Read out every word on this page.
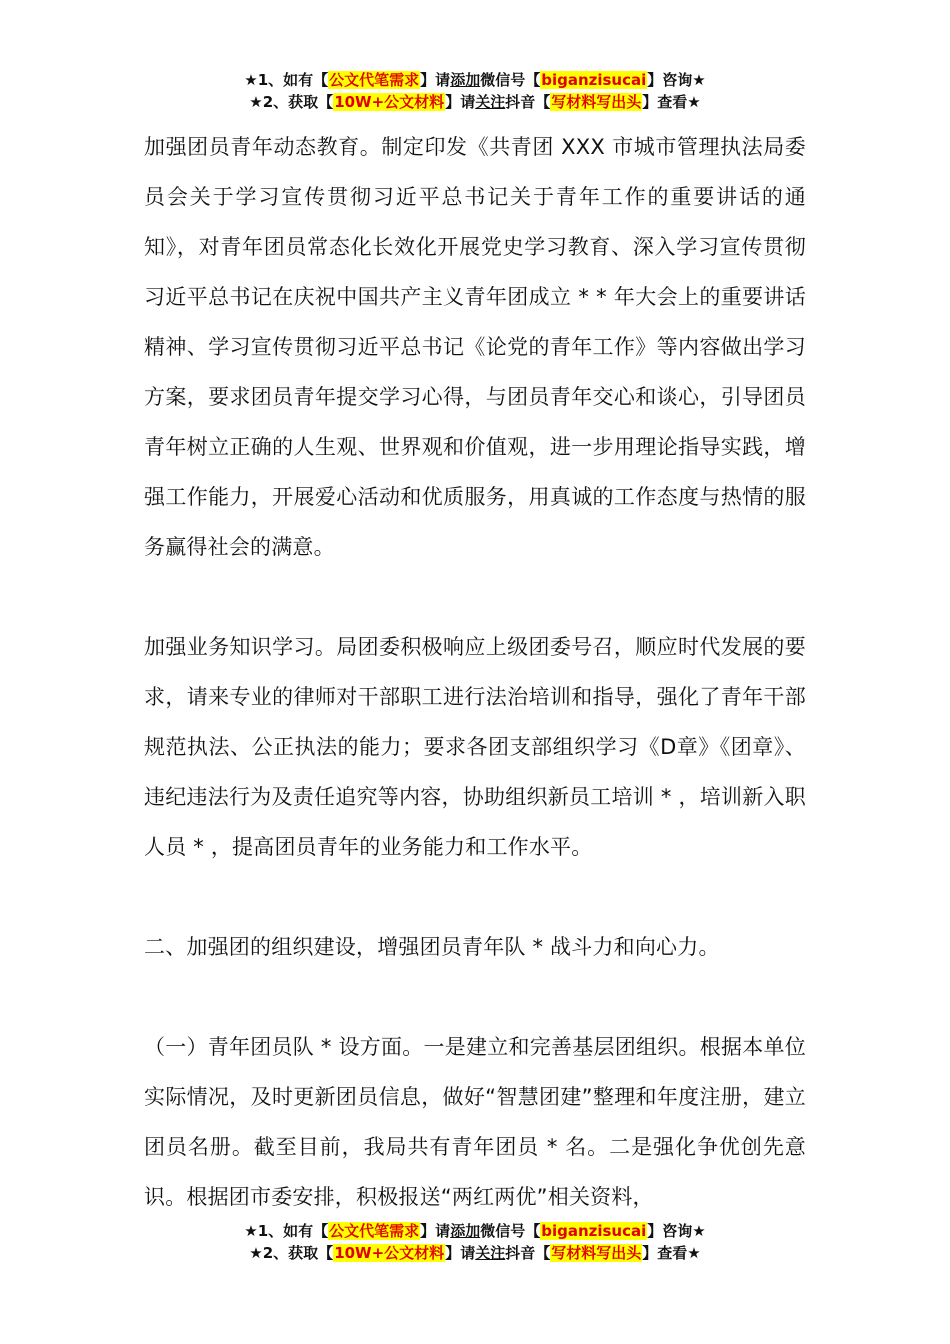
★1、如有【公文代笔需求】请添加微信号【biganzisucai】咨询★
★2、获取【10W+公文材料】请关注抖音【写材料写出头】查看★

加强团员青年动态教育。制定印发《共青团 XXX 市城市管理执法局委员会关于学习宣传贯彻习近平总书记关于青年工作的重要讲话的通知》，对青年团员常态化长效化开展党史学习教育、深入学习宣传贯彻习近平总书记在庆祝中国共产主义青年团成立 * * 年大会上的重要讲话精神、学习宣传贯彻习近平总书记《论党的青年工作》等内容做出学习方案，要求团员青年提交学习心得，与团员青年交心和谈心，引导团员青年树立正确的人生观、世界观和价值观，进一步用理论指导实践，增强工作能力，开展爱心活动和优质服务，用真诚的工作态度与热情的服务赢得社会的满意。

加强业务知识学习。局团委积极响应上级团委号召，顺应时代发展的要求，请来专业的律师对干部职工进行法治培训和指导，强化了青年干部规范执法、公正执法的能力；要求各团支部组织学习《D章》《团章》、违纪违法行为及责任追究等内容，协助组织新员工培训 * ，培训新入职人员 * ，提高团员青年的业务能力和工作水平。

二、加强团的组织建设，增强团员青年队 * 战斗力和向心力。

（一）青年团员队 * 设方面。一是建立和完善基层团组织。根据本单位实际情况，及时更新团员信息，做好“智慧团建”整理和年度注册，建立团员名册。截至目前，我局共有青年团员 * 名。二是强化争优创先意识。根据团市委安排，积极报送“两红两优”相关资料，

★1、如有【公文代笔需求】请添加微信号【biganzisucai】咨询★
★2、获取【10W+公文材料】请关注抖音【写材料写出头】查看★
